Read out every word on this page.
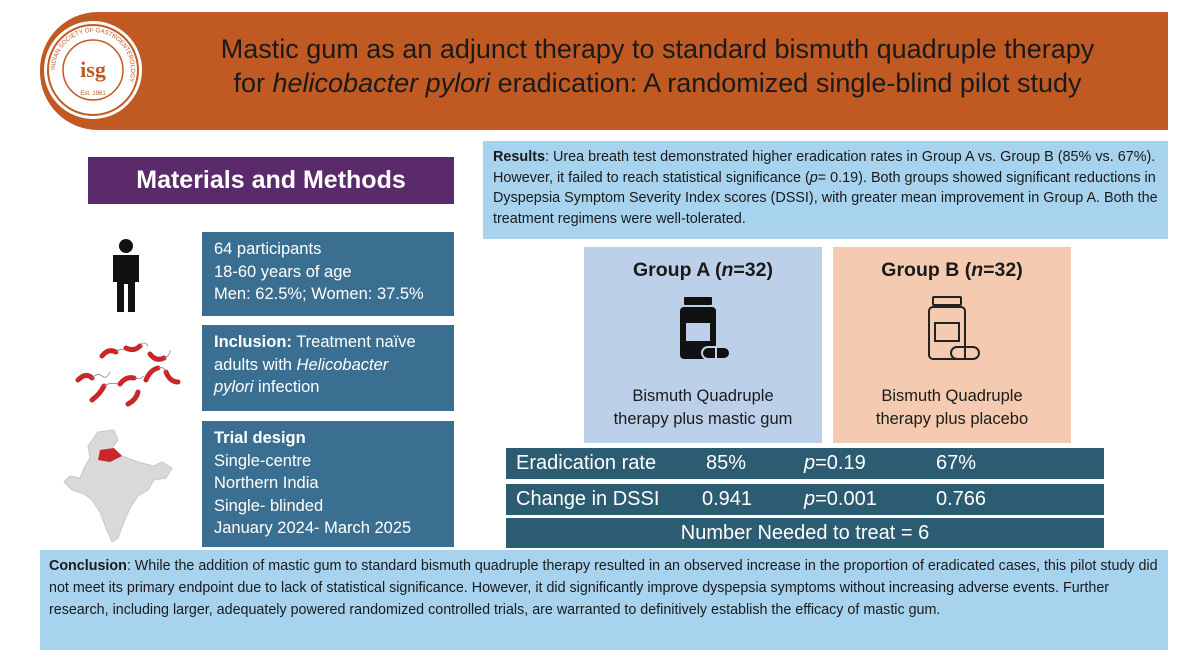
INDIAN SOCIETY OF GASTROENTEROLOGY
isg
Est. 1961
Mastic gum as an adjunct therapy to standard bismuth quadruple therapy
for helicobacter pylori eradication: A randomized single-blind pilot study
Materials and Methods
64 participants
18-60 years of age
Men: 62.5%; Women: 37.5%
Inclusion: Treatment naïve
adults with Helicobacter
pylori infection
Trial design
Single-centre
Northern India
Single- blinded
January 2024- March 2025
Results: Urea breath test demonstrated higher eradication rates in Group A vs. Group B (85% vs. 67%). However, it failed to reach statistical significance (p= 0.19). Both groups showed significant reductions in Dyspepsia Symptom Severity Index scores (DSSI), with greater mean improvement in Group A. Both the treatment regimens were well-tolerated.
Group A (n=32)
Bismuth Quadruple
therapy plus mastic gum
Group B (n=32)
Bismuth Quadruple
therapy plus placebo
Eradication rate 85%	p=0.19	67%
Change in DSSI 0.941	p=0.001	0.766
Number Needed to treat = 6
Conclusion: While the addition of mastic gum to standard bismuth quadruple therapy resulted in an observed increase in the proportion of eradicated cases, this pilot study did not meet its primary endpoint due to lack of statistical significance. However, it did significantly improve dyspepsia symptoms without increasing adverse events. Further research, including larger, adequately powered randomized controlled trials, are warranted to definitively establish the efficacy of mastic gum.
